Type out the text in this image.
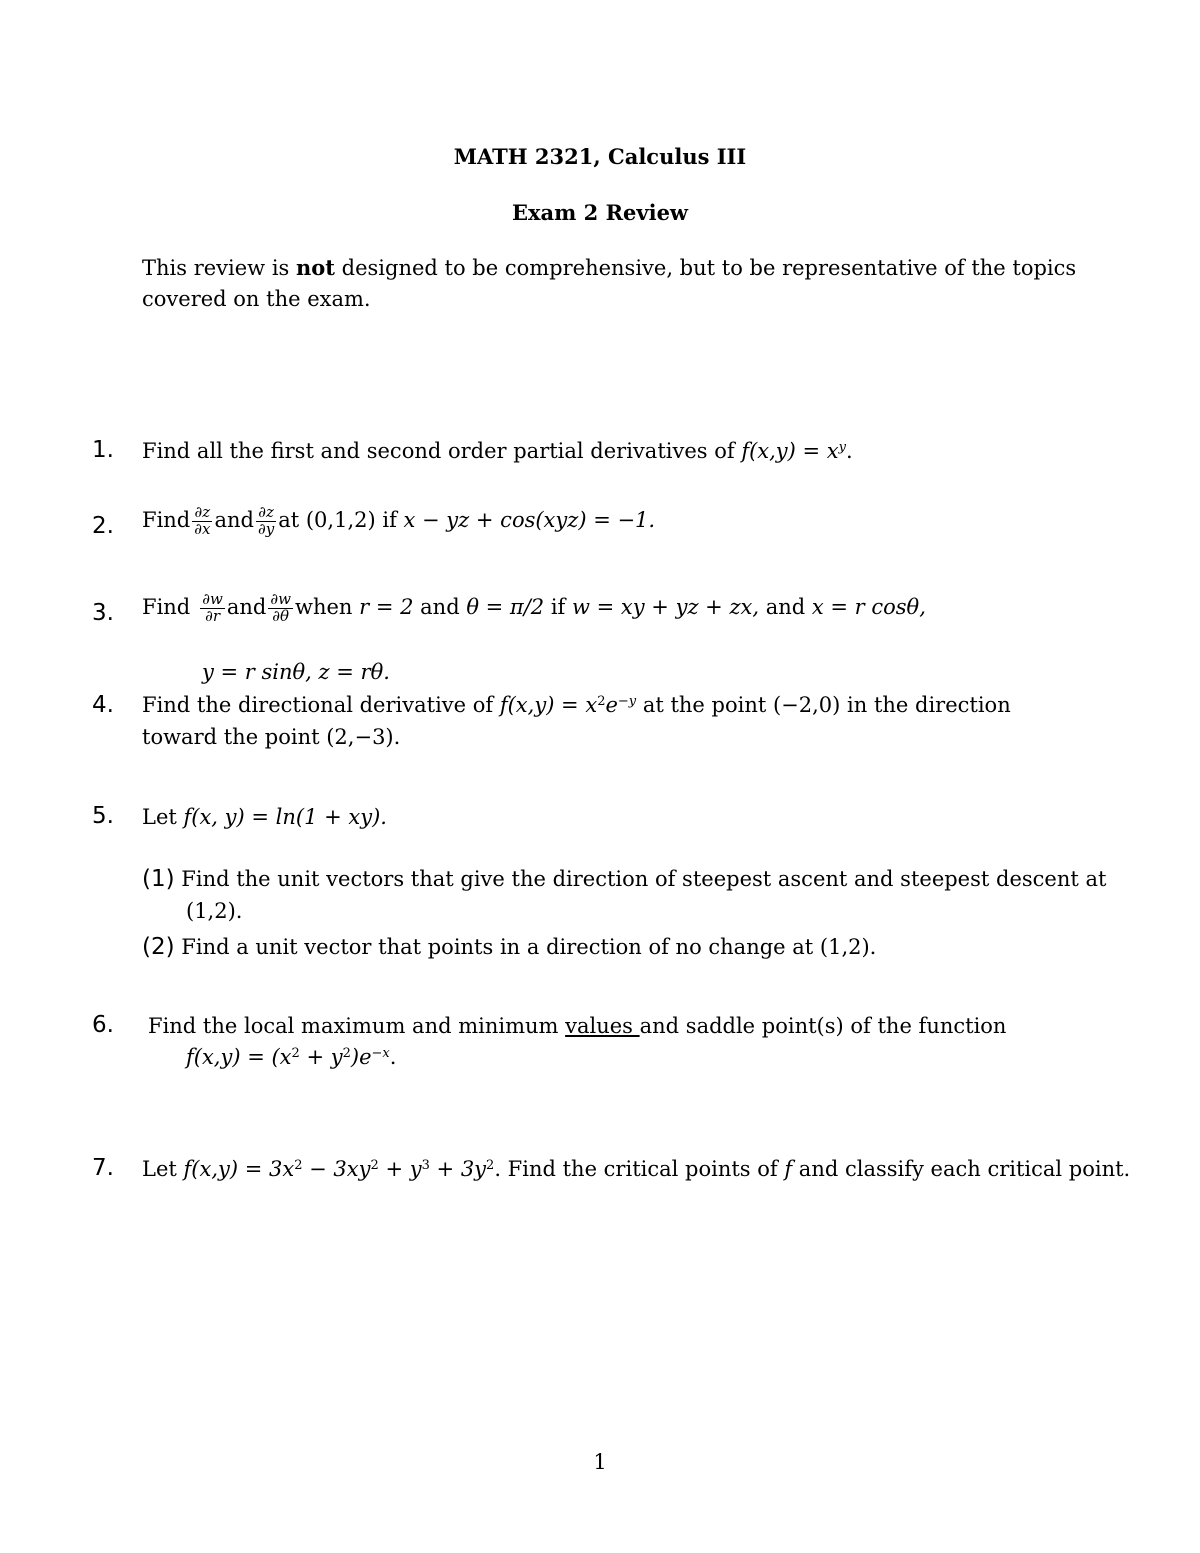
MATH 2321, Calculus III
Exam 2 Review
This review is not designed to be comprehensive, but to be representative of the topics
covered on the exam.
1. Find all the first and second order partial derivatives of $f(x,y) = x^y$.
2. Find $\frac{\partial z}{\partial x}$ and $\frac{\partial z}{\partial y}$ at (0,1,2) if x − yz + cos(xyz) = −1.
3. Find $\frac{\partial w}{\partial r}$ and $\frac{\partial w}{\partial\theta}$ when r = 2 and θ = π/2 if w = xy + yz + zx, and x = r cosθ,
y = r sinθ, z = rθ.
4. Find the directional derivative of $f(x,y) = x^2e^{-y}$ at the point (−2,0) in the direction
toward the point (2,−3).
5. Let f(x, y) = ln(1 + xy).
(1) Find the unit vectors that give the direction of steepest ascent and steepest descent at
(1,2).
(2) Find a unit vector that points in a direction of no change at (1,2).
6. Find the local maximum and minimum values and saddle point(s) of the function
$f(x,y) = (x^2 + y^2)e^{-x}$.
7. Let $f(x,y) = 3x^2 - 3xy^2 + y^3 + 3y^2$. Find the critical points of f and classify each critical point.
1
